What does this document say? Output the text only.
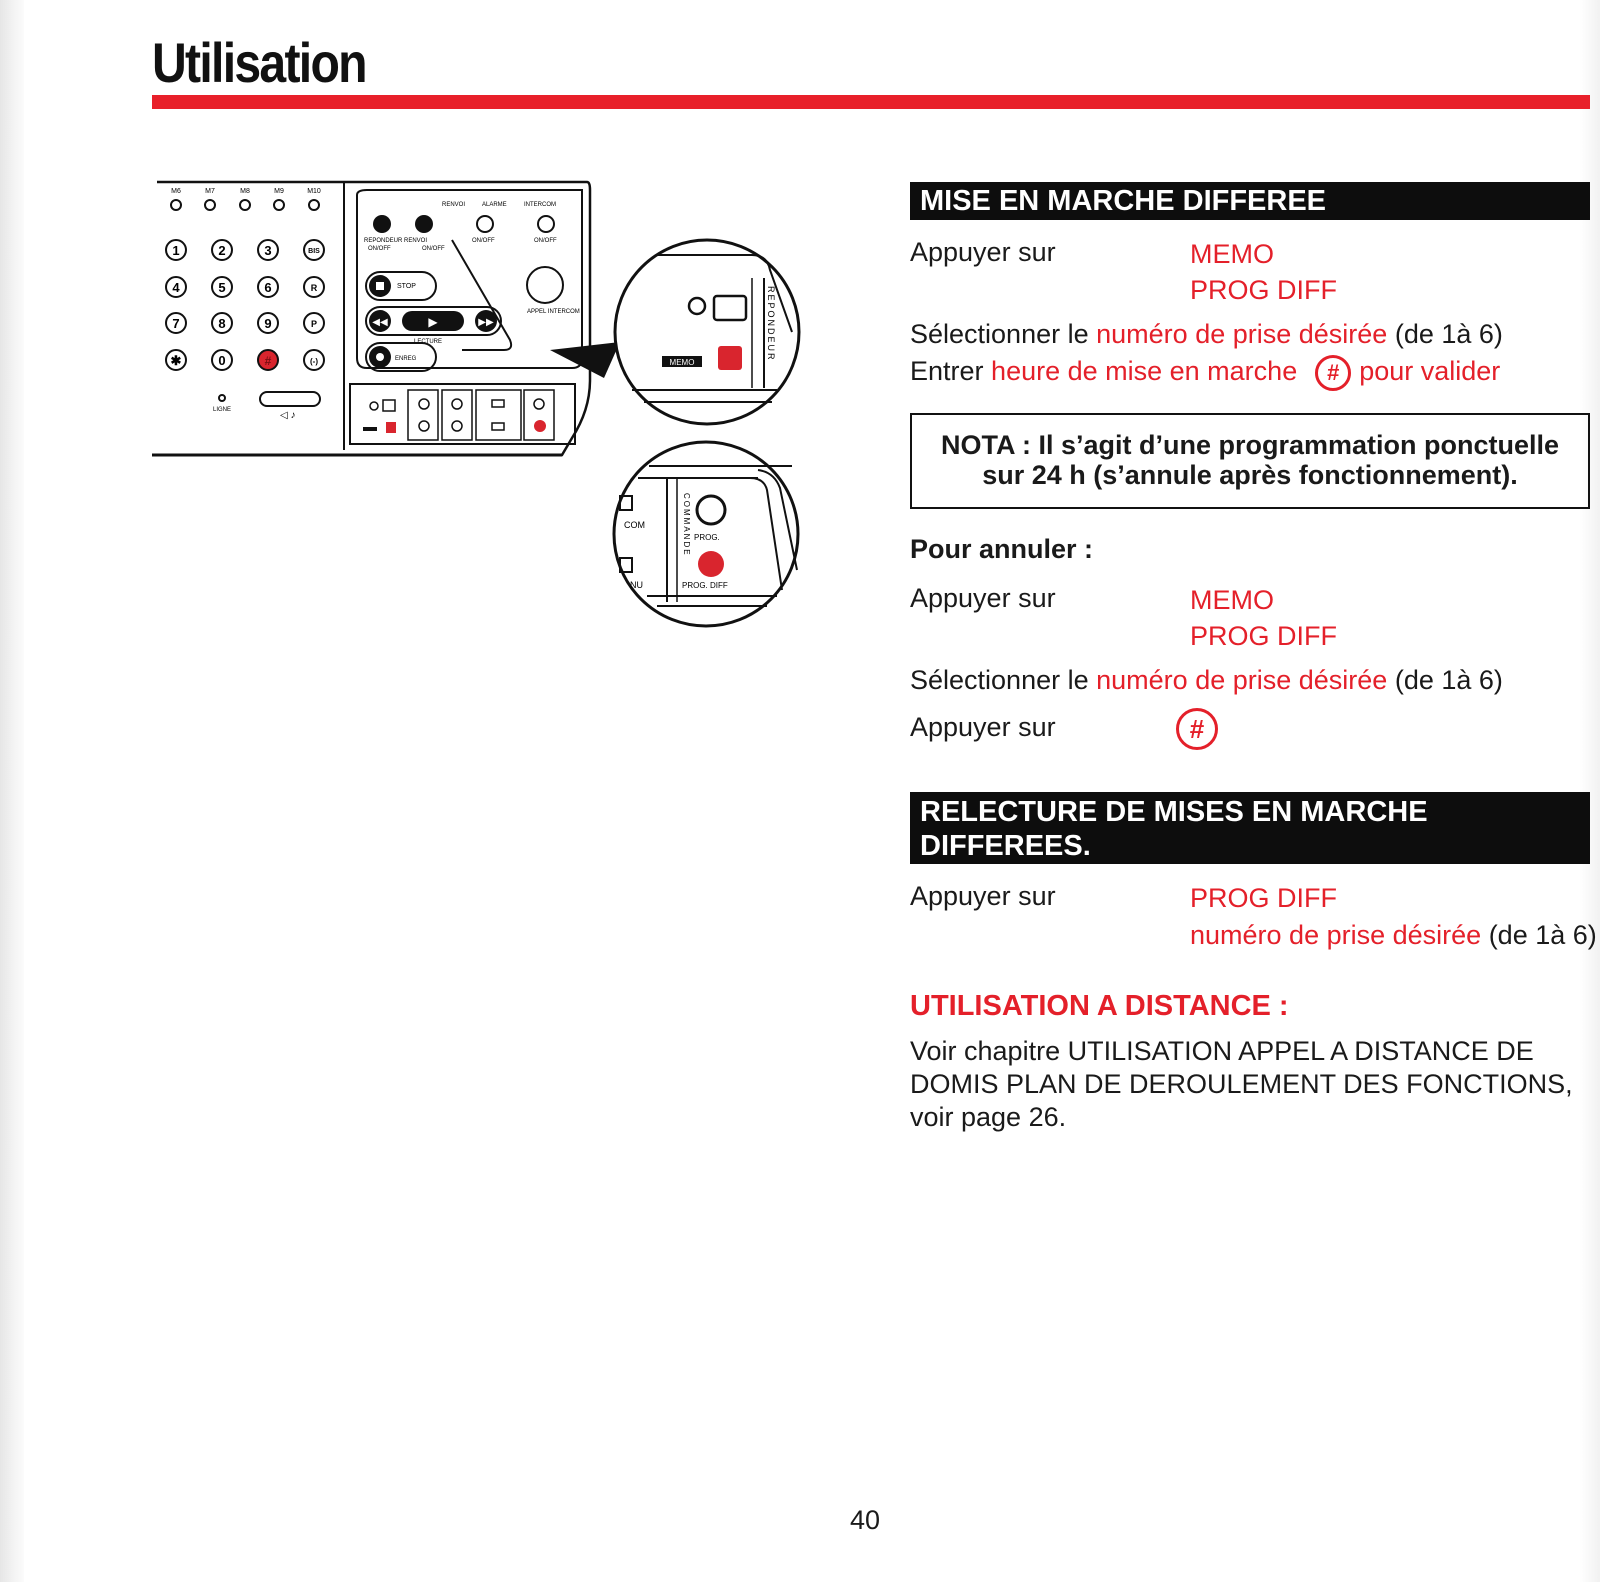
Utilisation
M6	M7	M8	M9	M10
1	2	3	BIS
4	5	6	R
7	8	9	P
✱	0	#	(-)
LIGNE	◁ ♪
RENVOI	ALARME	INTERCOM
REPONDEUR RENVOI
ON/OFF	ON/OFF
ON/OFF	ON/OFF
STOP
◀◀	▶	▶▶
LECTURE
ENREG
APPEL INTERCOM
MEMO
REPONDEUR
COM
NU
COMMANDE PROG.
PROG. DIFF
MISE EN MARCHE DIFFEREE
Appuyer sur	MEMO
PROG DIFF
Sélectionner le numéro de prise désirée (de 1à 6)
Entrer heure de mise en marche # pour valider
NOTA : Il s’agit d’une programmation ponctuelle
sur 24 h (s’annule après fonctionnement).
Pour annuler :
Appuyer sur	MEMO
PROG DIFF
Sélectionner le numéro de prise désirée (de 1à 6)
Appuyer sur	#
RELECTURE DE MISES EN MARCHE
DIFFEREES.
Appuyer sur	PROG DIFF
numéro de prise désirée (de 1à 6)
UTILISATION A DISTANCE :
Voir chapitre UTILISATION APPEL A DISTANCE DE
DOMIS PLAN DE DEROULEMENT DES FONCTIONS,
voir page 26.
40
